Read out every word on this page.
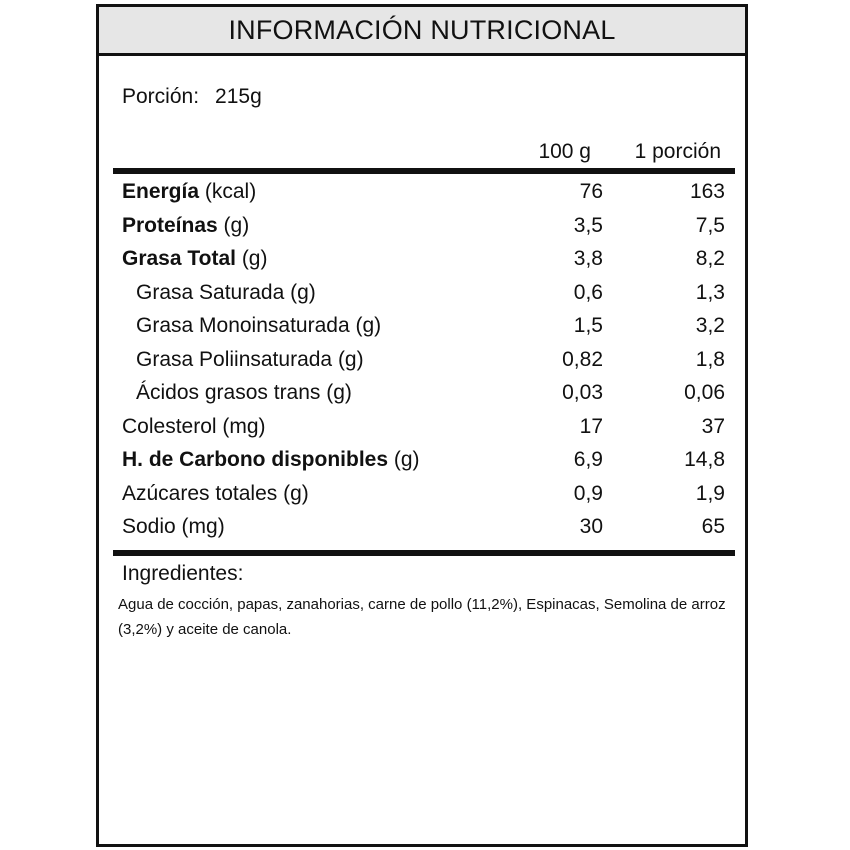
INFORMACIÓN NUTRICIONAL
Porción: 215g
100 g 1 porción
Energía (kcal)	76	163
Proteínas (g)	3,5	7,5
Grasa Total (g)	3,8	8,2
Grasa Saturada (g)	0,6	1,3
Grasa Monoinsaturada (g)	1,5	3,2
Grasa Poliinsaturada (g)	0,82	1,8
Ácidos grasos trans (g)	0,03	0,06
Colesterol (mg)	17	37
H. de Carbono disponibles (g)	6,9	14,8
Azúcares totales (g)	0,9	1,9
Sodio (mg)	30	65
Ingredientes:
Agua de cocción, papas, zanahorias, carne de pollo (11,2%), Espinacas, Semolina de arroz (3,2%) y aceite de canola.
